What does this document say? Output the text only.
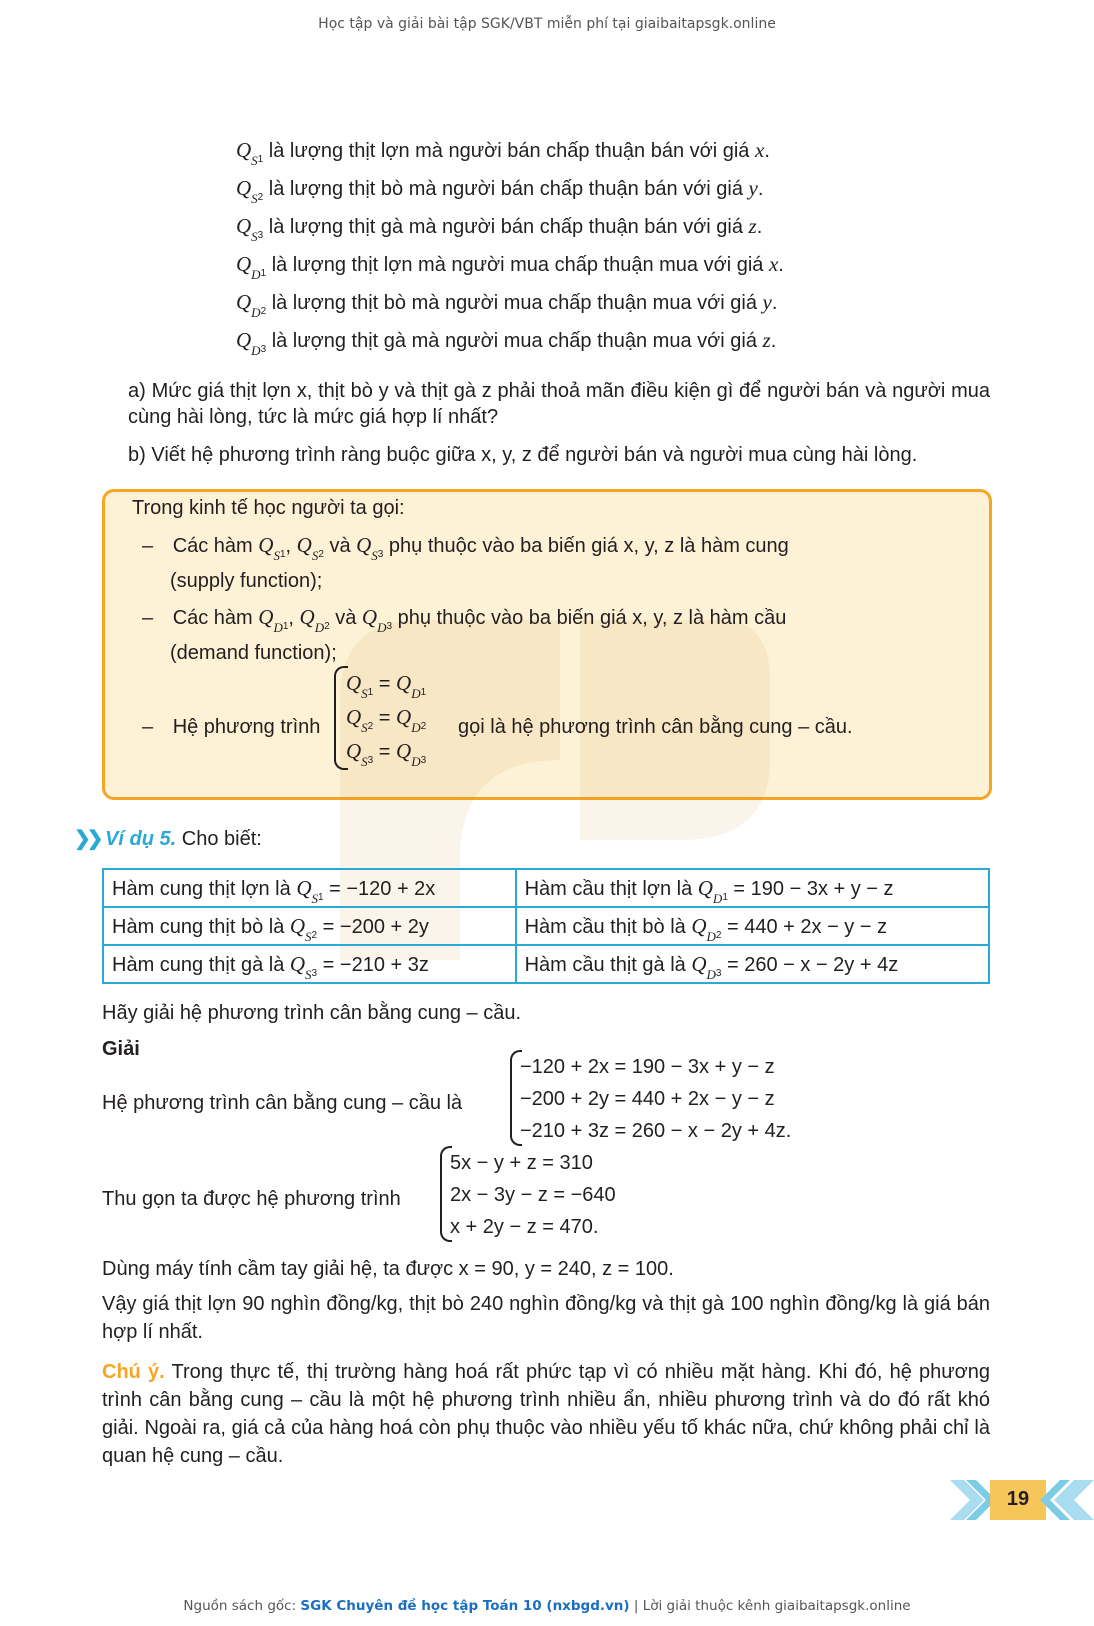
Học tập và giải bài tập SGK/VBT miễn phí tại giaibaitapsgk.online
$Q_{S1}$ là lượng thịt lợn mà người bán chấp thuận bán với giá x.
$Q_{S2}$ là lượng thịt bò mà người bán chấp thuận bán với giá y.
$Q_{S3}$ là lượng thịt gà mà người bán chấp thuận bán với giá z.
$Q_{D1}$ là lượng thịt lợn mà người mua chấp thuận mua với giá x.
$Q_{D2}$ là lượng thịt bò mà người mua chấp thuận mua với giá y.
$Q_{D3}$ là lượng thịt gà mà người mua chấp thuận mua với giá z.
a) Mức giá thịt lợn x, thịt bò y và thịt gà z phải thoả mãn điều kiện gì để người bán và người mua cùng hài lòng, tức là mức giá hợp lí nhất?
b) Viết hệ phương trình ràng buộc giữa x, y, z để người bán và người mua cùng hài lòng.
Trong kinh tế học người ta gọi:
– Các hàm $Q_{S1}$, $Q_{S2}$ và $Q_{S3}$ phụ thuộc vào ba biến giá x, y, z là hàm cung
(supply function);
– Các hàm $Q_{D1}$, $Q_{D2}$ và $Q_{D3}$ phụ thuộc vào ba biến giá x, y, z là hàm cầu
(demand function);
– Hệ phương trình
$Q_{S1} = Q_{D1}$
$Q_{S2} = Q_{D2}$
$Q_{S3} = Q_{D3}$
gọi là hệ phương trình cân bằng cung – cầu.
❯❯ Ví dụ 5. Cho biết:
Hàm cung thịt lợn là $Q_{S1} = -120 + 2x$	Hàm cầu thịt lợn là $Q_{D1} = 190 - 3x + y - z$
Hàm cung thịt bò là $Q_{S2} = -200 + 2y$	Hàm cầu thịt bò là $Q_{D2} = 440 + 2x - y - z$
Hàm cung thịt gà là $Q_{S3} = -210 + 3z$	Hàm cầu thịt gà là $Q_{D3} = 260 - x - 2y + 4z$
Hãy giải hệ phương trình cân bằng cung – cầu.
Giải
Hệ phương trình cân bằng cung – cầu là
−120 + 2x = 190 − 3x + y − z
−200 + 2y = 440 + 2x − y − z
−210 + 3z = 260 − x − 2y + 4z.
Thu gọn ta được hệ phương trình
5x − y + z = 310
2x − 3y − z = −640
x + 2y − z = 470.
Dùng máy tính cầm tay giải hệ, ta được x = 90, y = 240, z = 100.
Vậy giá thịt lợn 90 nghìn đồng/kg, thịt bò 240 nghìn đồng/kg và thịt gà 100 nghìn đồng/kg là giá bán hợp lí nhất.
Chú ý. Trong thực tế, thị trường hàng hoá rất phức tạp vì có nhiều mặt hàng. Khi đó, hệ phương trình cân bằng cung – cầu là một hệ phương trình nhiều ẩn, nhiều phương trình và do đó rất khó giải. Ngoài ra, giá cả của hàng hoá còn phụ thuộc vào nhiều yếu tố khác nữa, chứ không phải chỉ là quan hệ cung – cầu.
19
Nguồn sách gốc: SGK Chuyên đề học tập Toán 10 (nxbgd.vn) | Lời giải thuộc kênh giaibaitapsgk.online
